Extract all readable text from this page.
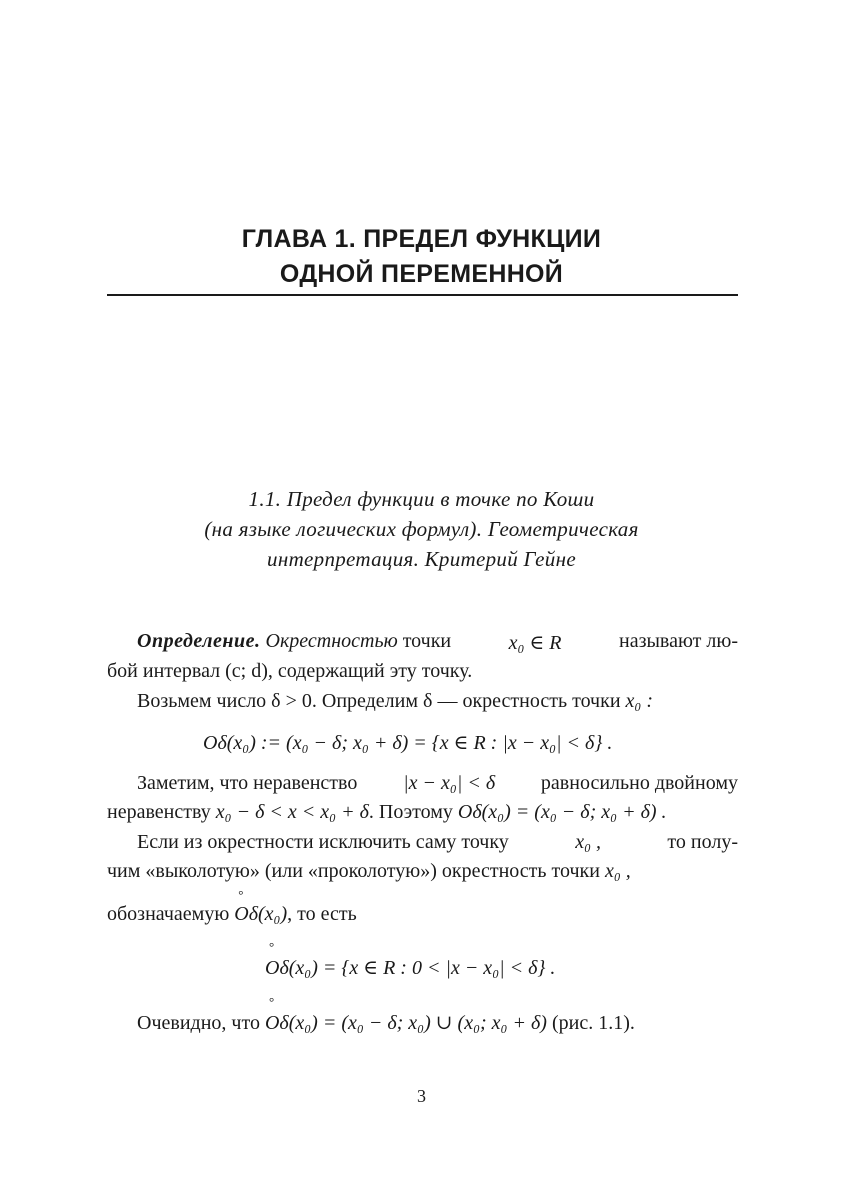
ГЛАВА 1. ПРЕДЕЛ ФУНКЦИИ
ОДНОЙ ПЕРЕМЕННОЙ
1.1. Предел функции в точке по Коши
(на языке логических формул). Геометрическая
интерпретация. Критерий Гейне
Определение. Окрестностью точки	x₀ ∈ R	называют лю-
бой интервал (c; d), содержащий эту точку.
Возьмем число δ > 0. Определим δ — окрестность точки x₀ :
Oδ(x₀) := (x₀ − δ; x₀ + δ) = {x ∈ R : |x − x₀| < δ} .
Заметим, что неравенство |x − x₀| < δ равносильно двойному
неравенству x₀ − δ < x < x₀ + δ. Поэтому Oδ(x₀) = (x₀ − δ; x₀ + δ) .
Если из окрестности исключить саму точку	x₀ ,	то полу-
чим «выколотую» (или «проколотую») окрестность точки x₀ ,
обозначаемую ° Oδ(x₀), то есть
° Oδ(x₀) = {x ∈ R : 0 < |x − x₀| < δ} .
Очевидно, что ° Oδ(x₀) = (x₀ − δ; x₀) ∪ (x₀; x₀ + δ) (рис. 1.1).
3
